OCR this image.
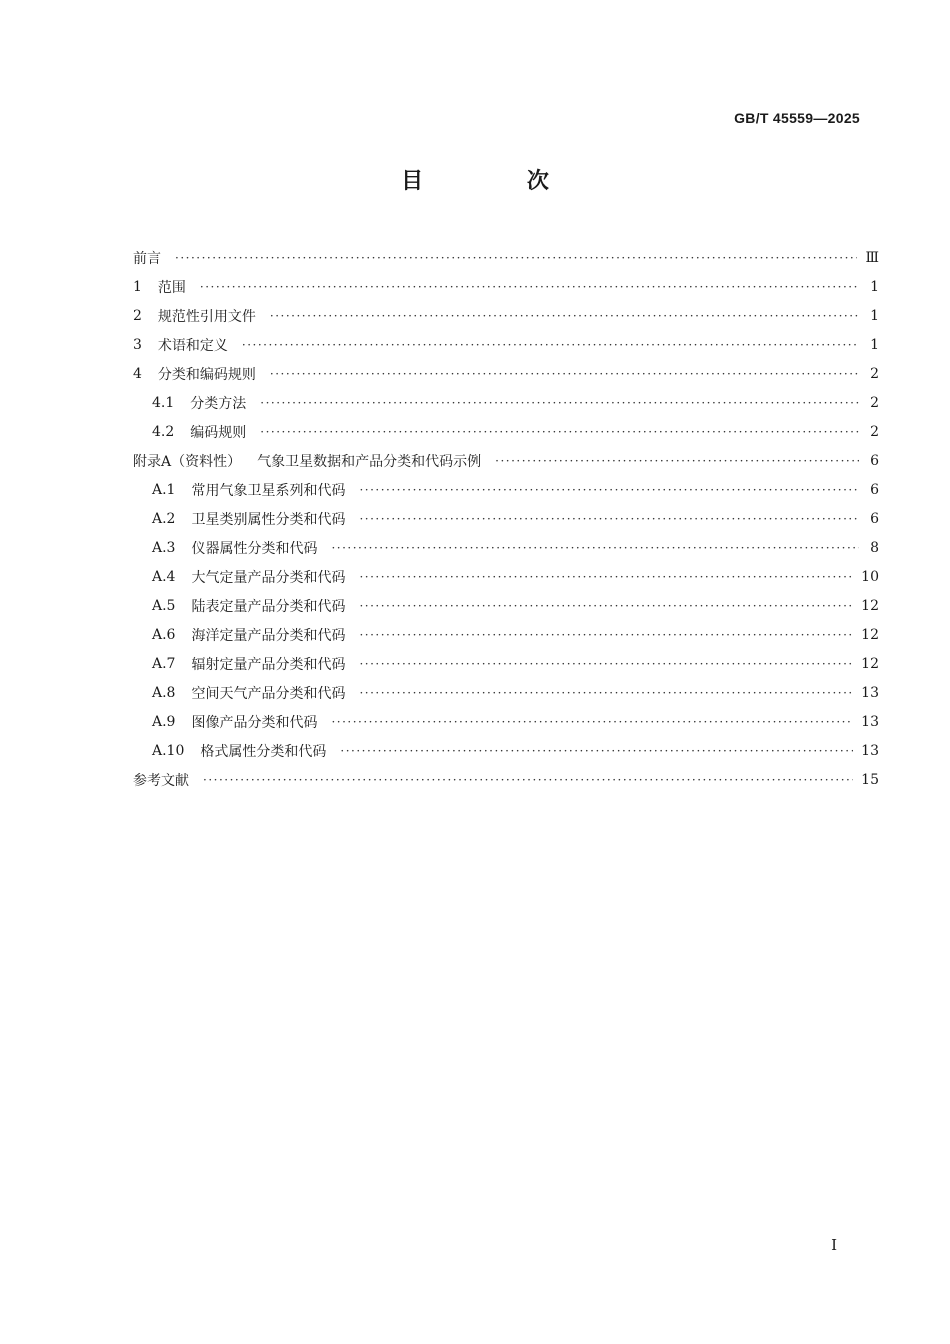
GB/T 45559—2025
目 次
前言 ·····	Ⅲ
1 范围 ·····	1
2 规范性引用文件 ·····	1
3 术语和定义 ·····	1
4 分类和编码规则 ·····	2
4.1 分类方法 ·····	2
4.2 编码规则 ·····	2
附录A（资料性） 气象卫星数据和产品分类和代码示例 ·····	6
A.1 常用气象卫星系列和代码 ·····	6
A.2 卫星类别属性分类和代码 ·····	6
A.3 仪器属性分类和代码 ·····	8
A.4 大气定量产品分类和代码 ·····	10
A.5 陆表定量产品分类和代码 ·····	12
A.6 海洋定量产品分类和代码 ·····	12
A.7 辐射定量产品分类和代码 ·····	12
A.8 空间天气产品分类和代码 ·····	13
A.9 图像产品分类和代码 ·····	13
A.10 格式属性分类和代码 ·····	13
参考文献 ·····	15
Ⅰ
